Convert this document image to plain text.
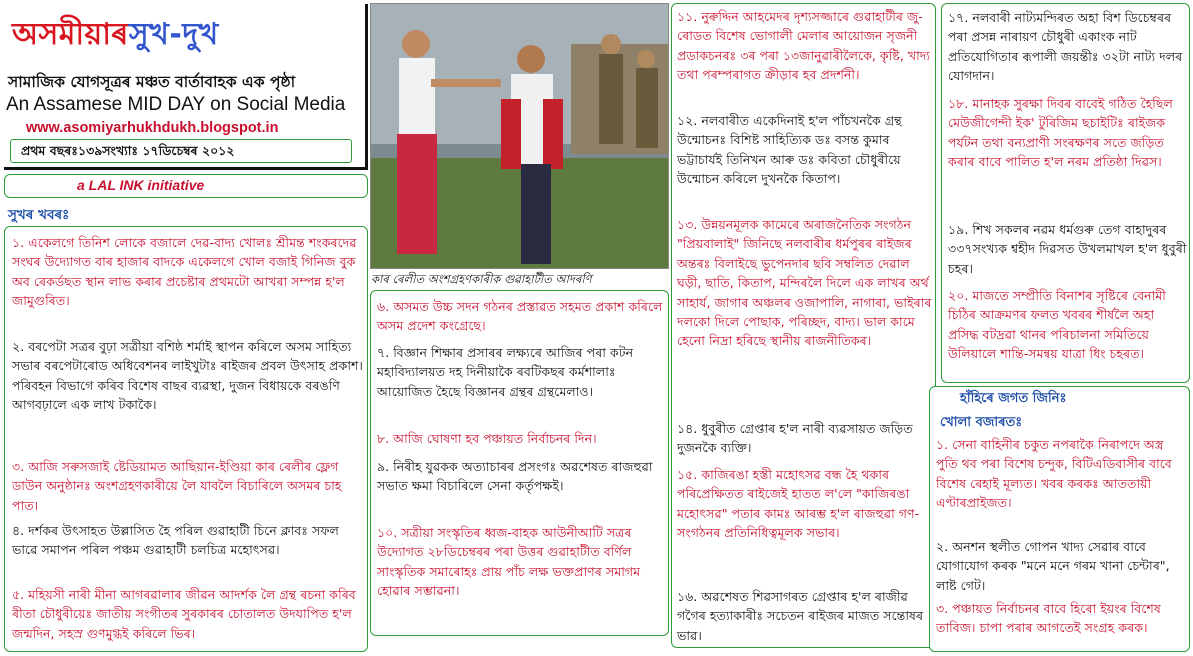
অসমীয়াৰসুখ-দুখ
সামাজিক যোগসূত্ৰৰ মঞ্চত বাৰ্তাবাহক এক পৃষ্ঠা
An Assamese MID DAY on Social Media
www.asomiyarhukhdukh.blogspot.in
প্ৰথম বছৰঃ১৩৯সংখ্যাঃ ১৭ডিচেম্বৰ ২০১২
a LAL INK initiative
সুখৰ খবৰঃ
১. একেলগে তিনিশ লোকে বজালে দেৱ-বাদ্য খোলঃ শ্ৰীমন্ত শংকৰদেৱ সংঘৰ উদ্যোগত বাৰ হাজাৰ বাদকে একেলগে খোল বজাই গিনিজ বুক অব ৰেকৰ্ডছত স্থান লাভ কৰাৰ প্ৰচেষ্টাৰ প্ৰথমটো আখৰা সম্পন্ন হ'ল জামুগুৰিত।
২. বৰপেটা সত্ৰৰ বুঢ়া সত্ৰীয়া বশিষ্ঠ শৰ্মাই স্থাপন কৰিলে অসম সাহিত্য সভাৰ বৰপেটাৰোড অধিবেশনৰ লাইখুটাঃ ৰাইজৰ প্ৰবল উৎসাহ প্ৰকাশ। পৰিবহন বিভাগে কৰিব বিশেষ বাছৰ ব্যৱস্থা, দুজন বিধায়কে বৰঙণি আগবঢ়ালে এক লাখ টকাকৈ।
৩. আজি সৰুসজাই ষ্টেডিয়ামত আছিয়ান-ইণ্ডিয়া কাৰ ৰেলীৰ ফ্লেগ ডাউন অনুষ্ঠানঃ অংশগ্ৰহণকাৰীয়ে লৈ যাবলৈ বিচাৰিলে অসমৰ চাহ পাত।
৪. দৰ্শকৰ উৎসাহত উল্লাসিত হৈ পৰিল গুৱাহাটী চিনে ক্লাবঃ সফল ভাৱে সমাপন পৰিল পঞ্চম গুৱাহাটী চলচিত্ৰ মহোৎসৱ।
৫. মহিয়সী নাৰী মীনা আগৰৱালাৰ জীৱন আদৰ্শক লৈ গ্ৰন্থ ৰচনা কৰিব ৰীতা চৌধুৰীয়েঃ জাতীয় সংগীতৰ সুৰকাৰৰ চোতালত উদযাপিত হ'ল জন্মদিন, সহস্ৰ গুণমুগ্ধই কৰিলে ভিৰ।
কাৰ ৰেলীত অংশগ্ৰহণকাৰীক গুৱাহাটীত আদৰণি
৬. অসমত উচ্চ সদন গঠনৰ প্ৰস্তাৱত সহমত প্ৰকাশ কৰিলে অসম প্ৰদেশ কংগ্ৰেছে।
৭. বিজ্ঞান শিক্ষাৰ প্ৰসাৰৰ লক্ষ্যৰে আজিৰ পৰা কটন মহাবিদ্যালয়ত দহ দিনীয়াকৈ ৰবটিকছৰ কৰ্মশালাঃ আয়োজিত হৈছে বিজ্ঞানৰ গ্ৰন্থৰ গ্ৰন্থমেলাও।
৮. আজি ঘোষণা হব পঞ্চায়ত নিৰ্বাচনৰ দিন।
৯. নিৰীহ যুৱকক অত্যাচাৰৰ প্ৰসংগঃ অৱশেষত ৰাজহুৱা সভাত ক্ষমা বিচাৰিলে সেনা কৰ্তৃপক্ষই।
১০. সত্ৰীয়া সংস্কৃতিৰ ধ্বজ-বাহক আউনীআটি সত্ৰৰ উদ্যোগত ২৮ডিচেম্বৰৰ পৰা উত্তৰ গুৱাহাটীত বৰ্ণিল সাংস্কৃতিক সমাৰোহঃ প্ৰায় পাঁচ লক্ষ ভক্তপ্ৰাণৰ সমাগম হোৱাৰ সম্ভাৱনা।
১১. নুৰুদ্দিন আহমেদৰ দৃশ্যসজ্জাৰে গুৱাহাটীৰ জু-ৰোডত বিশেষ ভোগালী মেলাৰ আয়োজন সৃজনী প্ৰডাকচনৰঃ ৩ৰ পৰা ১৩জানুৱাৰীলৈকে, কৃষ্টি, খাদ্য তথা পৰম্পৰাগত ক্ৰীড়াৰ হব প্ৰদৰ্শনী।
১২. নলবাৰীত একেদিনাই হ'ল পাঁচখনকৈ গ্ৰন্থ উন্মোচনঃ বিশিষ্ট সাহিত্যিক ডঃ বসন্ত কুমাৰ ভট্টাচাৰ্যই তিনিখন আৰু ডঃ কবিতা চৌধুৰীয়ে উন্মোচন কৰিলে দুখনকৈ কিতাপ।
১৩. উন্নয়নমূলক কামেৰে অৰাজনৈতিক সংগঠন "প্ৰিয়বালাই" জিনিছে নলবাৰীৰ ধৰ্মপুৰৰ ৰাইজৰ অন্তৰঃ বিলাইছে ভুপেনদাৰ ছবি সম্বলিত দেৱাল ঘড়ী, ছাতি, কিতাপ, মন্দিৰলৈ দিলে এক লাখৰ অৰ্থ সাহাৰ্য, জাগাৰ অঞ্চলৰ ওজাপালি, নাগাৰা, ভাইৰাৰ দলকো দিলে পোছাক, পৰিচ্ছদ, বাদ্য। ভাল কামে হেনো নিদ্ৰা হৰিছে স্থানীয় ৰাজনীতিকৰ।
১৪. ধুবুৰীত গ্ৰেপ্তাৰ হ'ল নাৰী ব্যৱসায়ত জড়িত দুজনকৈ ব্যক্তি।
১৫. কাজিৰঙা হস্তী মহোৎসৱ বন্ধ হৈ থকাৰ পৰিপ্ৰেক্ষিতত ৰাইজেই হাতত ল'লে "কাজিৰঙা মহোৎসৱ" পতাৰ কামঃ আৰম্ভ হ'ল ৰাজহুৱা গণ-সংগঠনৰ প্ৰতিনিধিত্বমূলক সভাৰ।
১৬. অৱশেষত শিৱসাগৰত গ্ৰেপ্তাৰ হ'ল ৰাজীৱ গগৈৰ হত্যাকাৰীঃ সচেতন ৰাইজৰ মাজত সন্তোষৰ ভাৱ।
১৭. নলবাৰী নাট্যমন্দিৰত অহা বিশ ডিচেম্বৰৰ পৰা প্ৰসন্ন নাৰায়ণ চৌধুৰী একাংক নাট প্ৰতিযোগিতাৰ ৰূপালী জয়ন্তীঃ ৩২টা নাট্য দলৰ যোগদান।
১৮. মানাহক সুৰক্ষা দিবৰ বাবেই গঠিত হৈছিল মেউজীগেন্দী ইক' টুৰিজিম ছচাইটিঃ ৰাইজক পৰ্যটন তথা বন্যপ্ৰাণী সংৰক্ষণৰ সতে জড়িত কৰাৰ বাবে পালিত হ'ল নৰম প্ৰতিষ্ঠা দিৱস।
১৯. শিখ সকলৰ নৱম ধৰ্মগুৰু তেগ বাহাদুৰৰ ৩৩৭সংখ্যক শ্বহীদ দিৱসত উখলমাখল হ'ল ধুবুৰী চহৰ।
২০. মাজতে সম্প্ৰীতি বিনাশৰ সৃষ্টিৰে বেনামী চিঠিৰ আক্ৰমণৰ ফলত খবৰৰ শীৰ্ষলৈ অহা প্ৰসিদ্ধ বটদ্ৰৱা থানৰ পৰিচালনা সমিতিয়ে উলিয়ালে শান্তি-সমন্বয় যাত্ৰা ধিং চহৰত।
হাঁহিৰে জগত জিনিঃ
খোলা বজাৰতঃ
১. সেনা বাহিনীৰ চকুত নপৰাকৈ নিৰাপদে অস্ত্ৰ পুতি থব পৰা বিশেষ চন্দুক, বিটিএডিবাসীৰ বাবে বিশেষ ৰেহাই মূল্যত। খবৰ কৰকঃ আততায়ী এণ্টাৰপ্ৰাইজত।
২. অনশন স্থলীত গোপন খাদ্য সেৱাৰ বাবে যোগাযোগ কৰক "মনে মনে গৰম খানা চেন্টাৰ", লাষ্ট গেট।
৩. পঞ্চায়ত নিৰ্বাচনৰ বাবে হিৰো ইয়ংৰ বিশেষ তাবিজ। চাপা পৰাৰ আগতেই সংগ্ৰহ কৰক।
